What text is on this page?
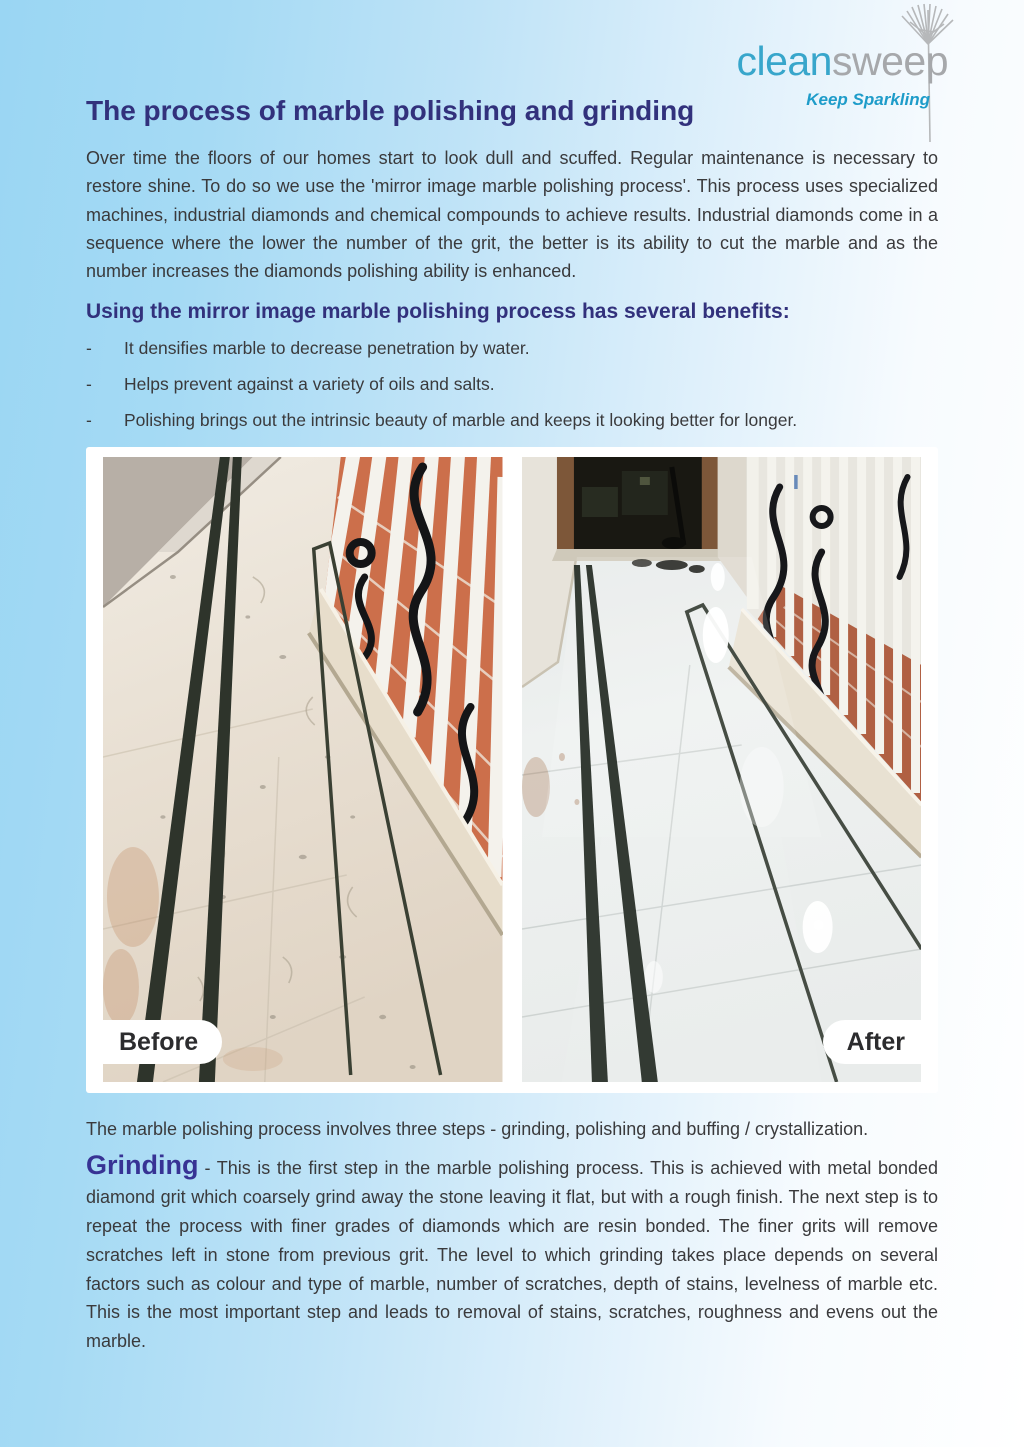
cleansweep
Keep Sparkling
The process of marble polishing and grinding

Over time the floors of our homes start to look dull and scuffed. Regular maintenance is necessary to restore shine. To do so we use the 'mirror image marble polishing process'. This process uses specialized machines, industrial diamonds and chemical compounds to achieve results. Industrial diamonds come in a sequence where the lower the number of the grit, the better is its ability to cut the marble and as the number increases the diamonds polishing ability is enhanced.

Using the mirror image marble polishing process has several benefits:
-	It densifies marble to decrease penetration by water.
-	Helps prevent against a variety of oils and salts.
-	Polishing brings out the intrinsic beauty of marble and keeps it looking better for longer.
Before	After

The marble polishing process involves three steps - grinding, polishing and buffing / crystallization.

Grinding - This is the first step in the marble polishing process. This is achieved with metal bonded diamond grit which coarsely grind away the stone leaving it flat, but with a rough finish. The next step is to repeat the process with finer grades of diamonds which are resin bonded. The finer grits will remove scratches left in stone from previous grit. The level to which grinding takes place depends on several factors such as colour and type of marble, number of scratches, depth of stains, levelness of marble etc. This is the most important step and leads to removal of stains, scratches, roughness and evens out the marble.
